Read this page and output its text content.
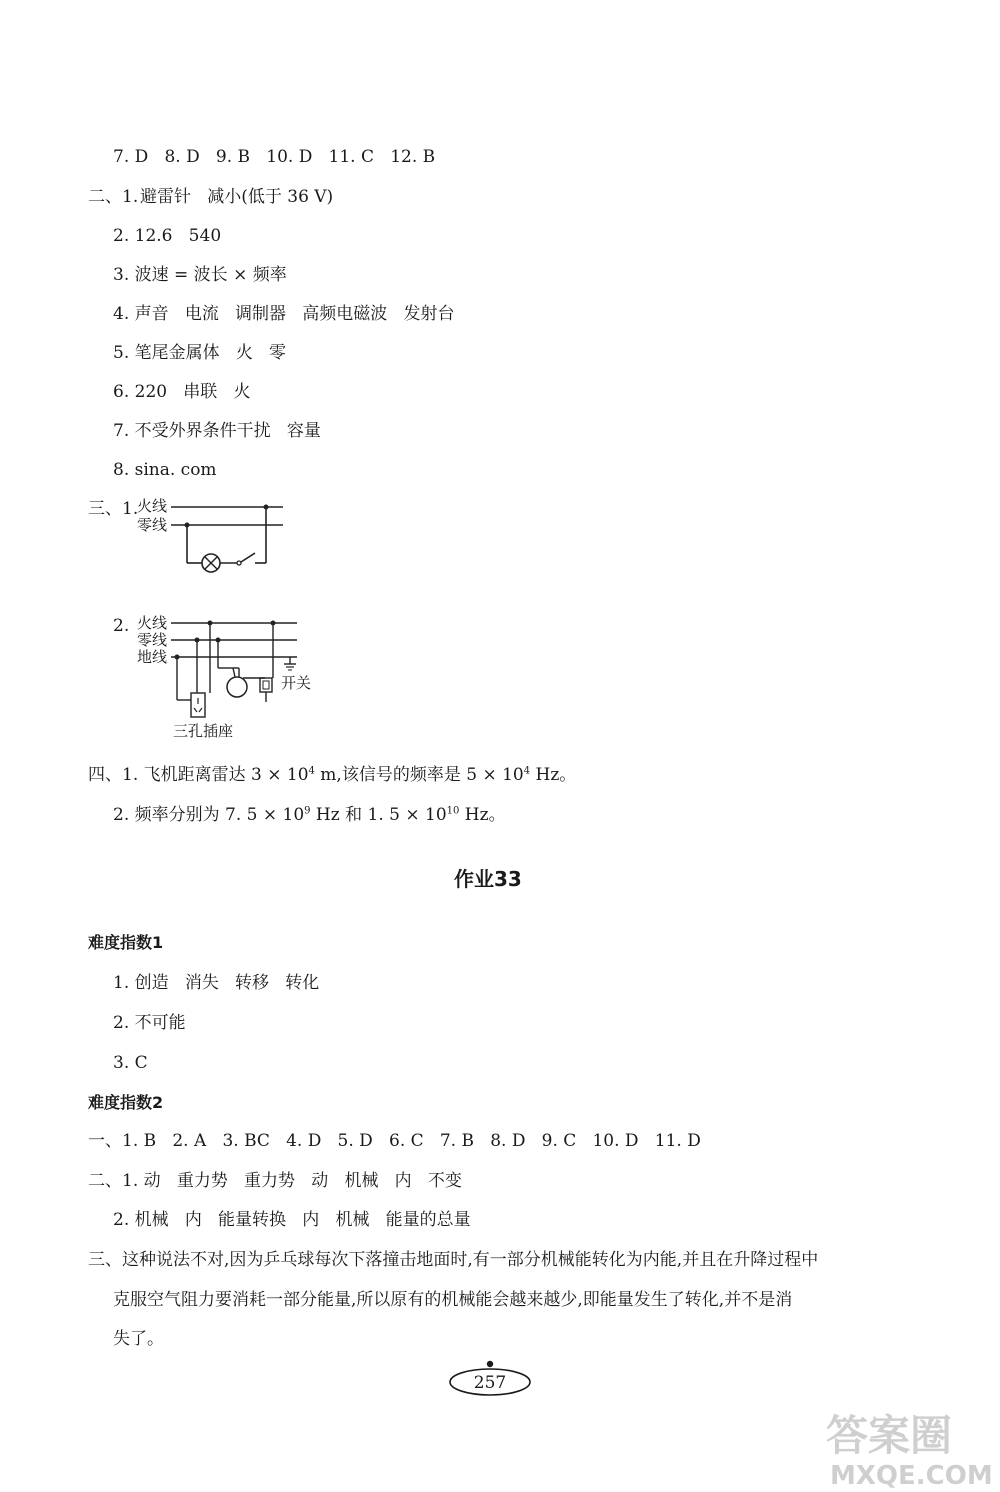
7. D   8. D   9. B   10. D   11. C   12. B
二、1. 避雷针   减小(低于 36 V)
2. 12.6   540
3. 波速 = 波长 × 频率
4. 声音   电流   调制器   高频电磁波   发射台
5. 笔尾金属体   火   零
6. 220   串联   火
7. 不受外界条件干扰   容量
8. sina. com
三、1.
火线
零线
2. 火线
零线
地线
开关
三孔插座
四、1. 飞机距离雷达 $3 \times 10^4$ m,该信号的频率是 $5 \times 10^4$ Hz。
2. 频率分别为 7. $5 \times 10^9$ Hz 和 1. $5 \times 10^{10}$ Hz。
作业33
难度指数1
1. 创造   消失   转移   转化
2. 不可能
3. C
难度指数2
一、1. B   2. A   3. BC   4. D   5. D   6. C   7. B   8. D   9. C   10. D   11. D
二、1. 动   重力势   重力势   动   机械   内   不变
2. 机械   内   能量转换   内   机械   能量的总量
三、这种说法不对,因为乒乓球每次下落撞击地面时,有一部分机械能转化为内能,并且在升降过程中
克服空气阻力要消耗一部分能量,所以原有的机械能会越来越少,即能量发生了转化,并不是消
失了。
257
答案圈
MXQE.COM
